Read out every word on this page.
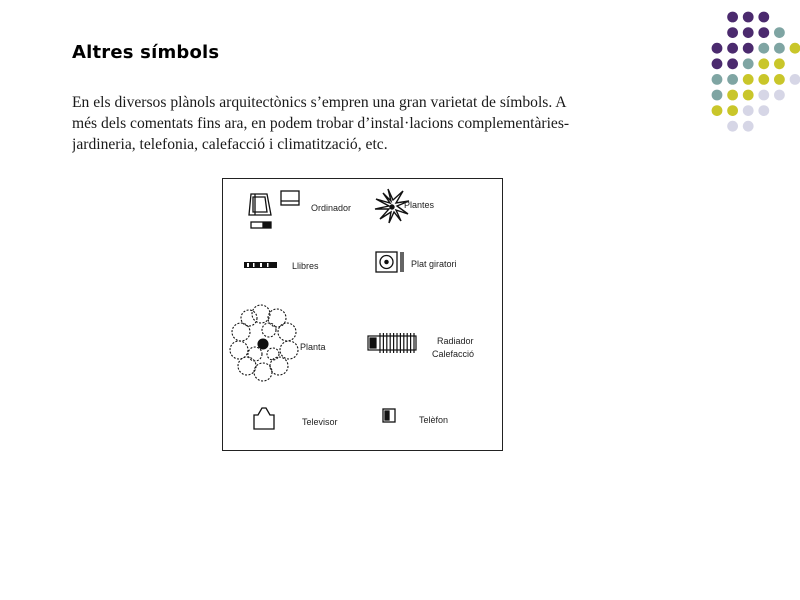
Altres símbols
En els diversos plànols arquitectònics s’empren una gran varietat de símbols. A
més dels comentats fins ara, en podem trobar d’instal·lacions complementàries-
jardineria, telefonia, calefacció i climatització, etc.
Ordinador	Plantes
Llibres	Plat giratori
Planta
Radiador
Calefacció
Televisor	Telèfon
